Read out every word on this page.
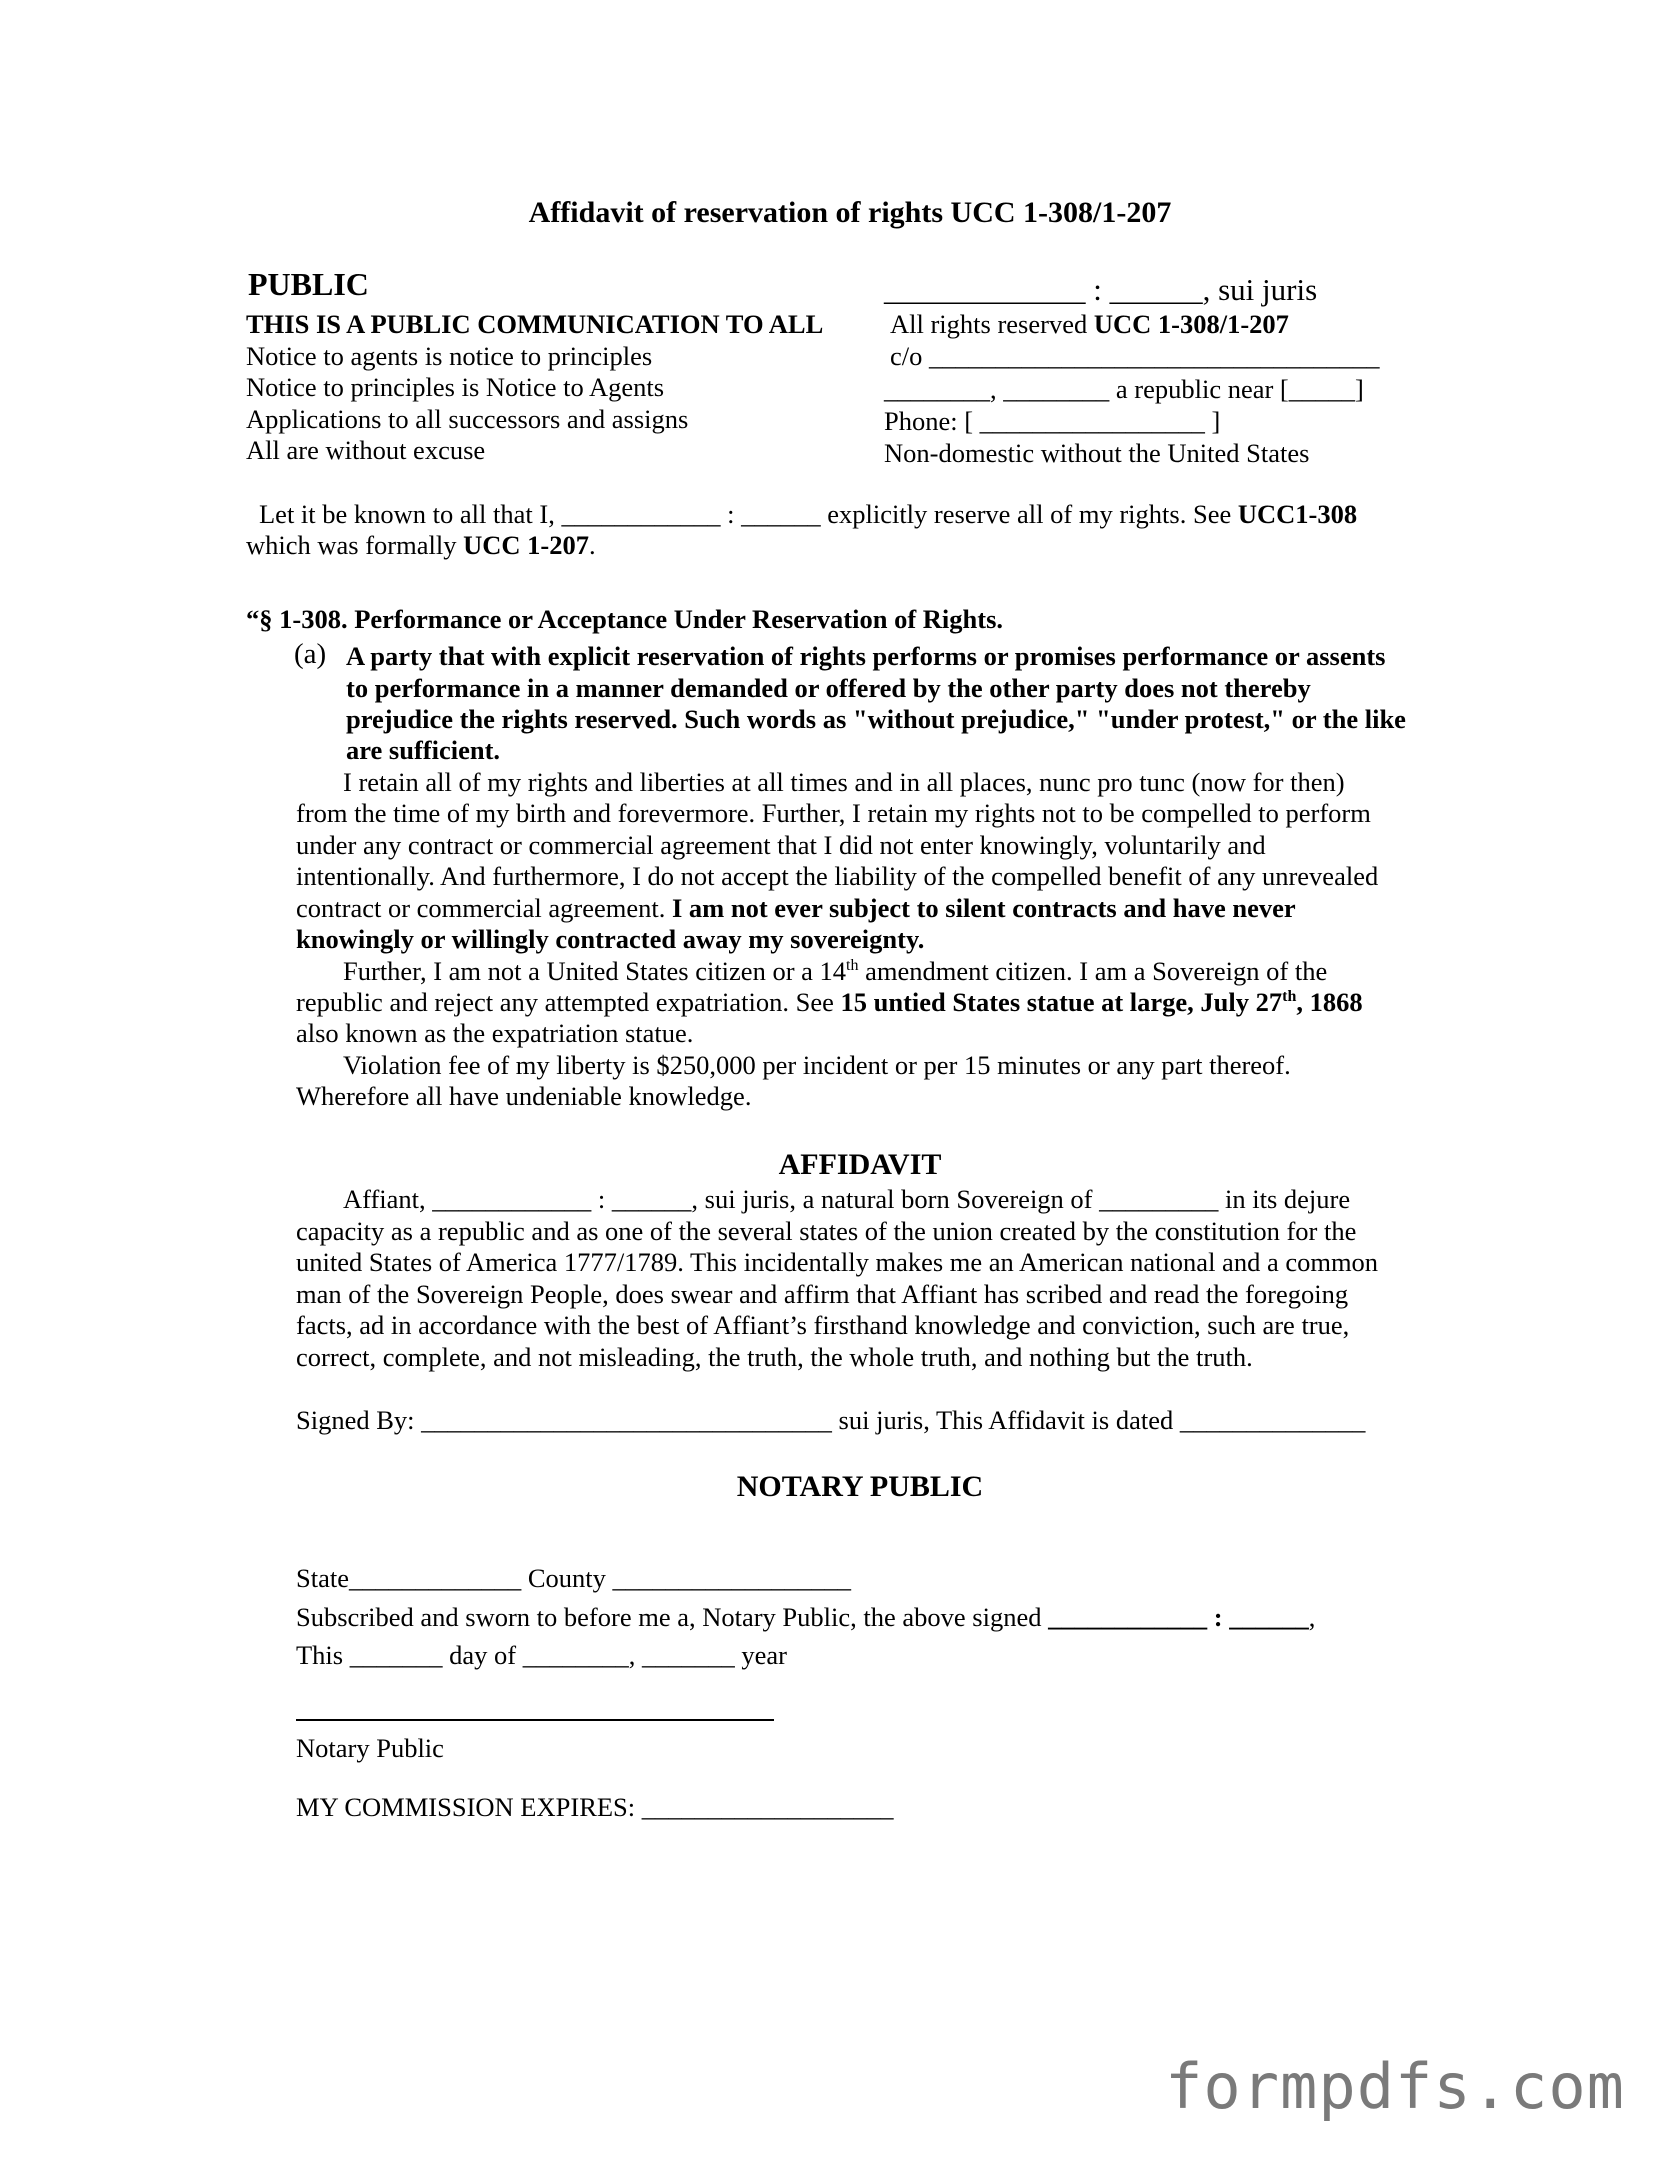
Affidavit of reservation of rights UCC 1-308/1-207
PUBLIC
THIS IS A PUBLIC COMMUNICATION TO ALL
Notice to agents is notice to principles
Notice to principles is Notice to Agents
Applications to all successors and assigns
All are without excuse
_____________ : ______, sui juris
All rights reserved UCC 1-308/1-207
c/o __________________________________
________, ________ a republic near [_____]
Phone: [ _________________ ]
Non-domestic without the United States
Let it be known to all that I, ____________ : ______ explicitly reserve all of my rights. See UCC1-308
which was formally UCC 1-207.
“§ 1-308. Performance or Acceptance Under Reservation of Rights.
(a) A party that with explicit reservation of rights performs or promises performance or assents
to performance in a manner demanded or offered by the other party does not thereby
prejudice the rights reserved. Such words as "without prejudice," "under protest," or the like
are sufficient.
I retain all of my rights and liberties at all times and in all places, nunc pro tunc (now for then)
from the time of my birth and forevermore. Further, I retain my rights not to be compelled to perform
under any contract or commercial agreement that I did not enter knowingly, voluntarily and
intentionally. And furthermore, I do not accept the liability of the compelled benefit of any unrevealed
contract or commercial agreement. I am not ever subject to silent contracts and have never
knowingly or willingly contracted away my sovereignty.
Further, I am not a United States citizen or a 14th amendment citizen. I am a Sovereign of the
republic and reject any attempted expatriation. See 15 untied States statue at large, July 27th, 1868
also known as the expatriation statue.
Violation fee of my liberty is $250,000 per incident or per 15 minutes or any part thereof.
Wherefore all have undeniable knowledge.
AFFIDAVIT
Affiant, ____________ : ______, sui juris, a natural born Sovereign of _________ in its dejure
capacity as a republic and as one of the several states of the union created by the constitution for the
united States of America 1777/1789. This incidentally makes me an American national and a common
man of the Sovereign People, does swear and affirm that Affiant has scribed and read the foregoing
facts, ad in accordance with the best of Affiant’s firsthand knowledge and conviction, such are true,
correct, complete, and not misleading, the truth, the whole truth, and nothing but the truth.
Signed By: _______________________________ sui juris, This Affidavit is dated ______________
NOTARY PUBLIC
State_____________ County __________________
Subscribed and sworn to before me a, Notary Public, the above signed ____________ : ______,
This _______ day of ________, _______ year
Notary Public
MY COMMISSION EXPIRES: ___________________
formpdfs.com
